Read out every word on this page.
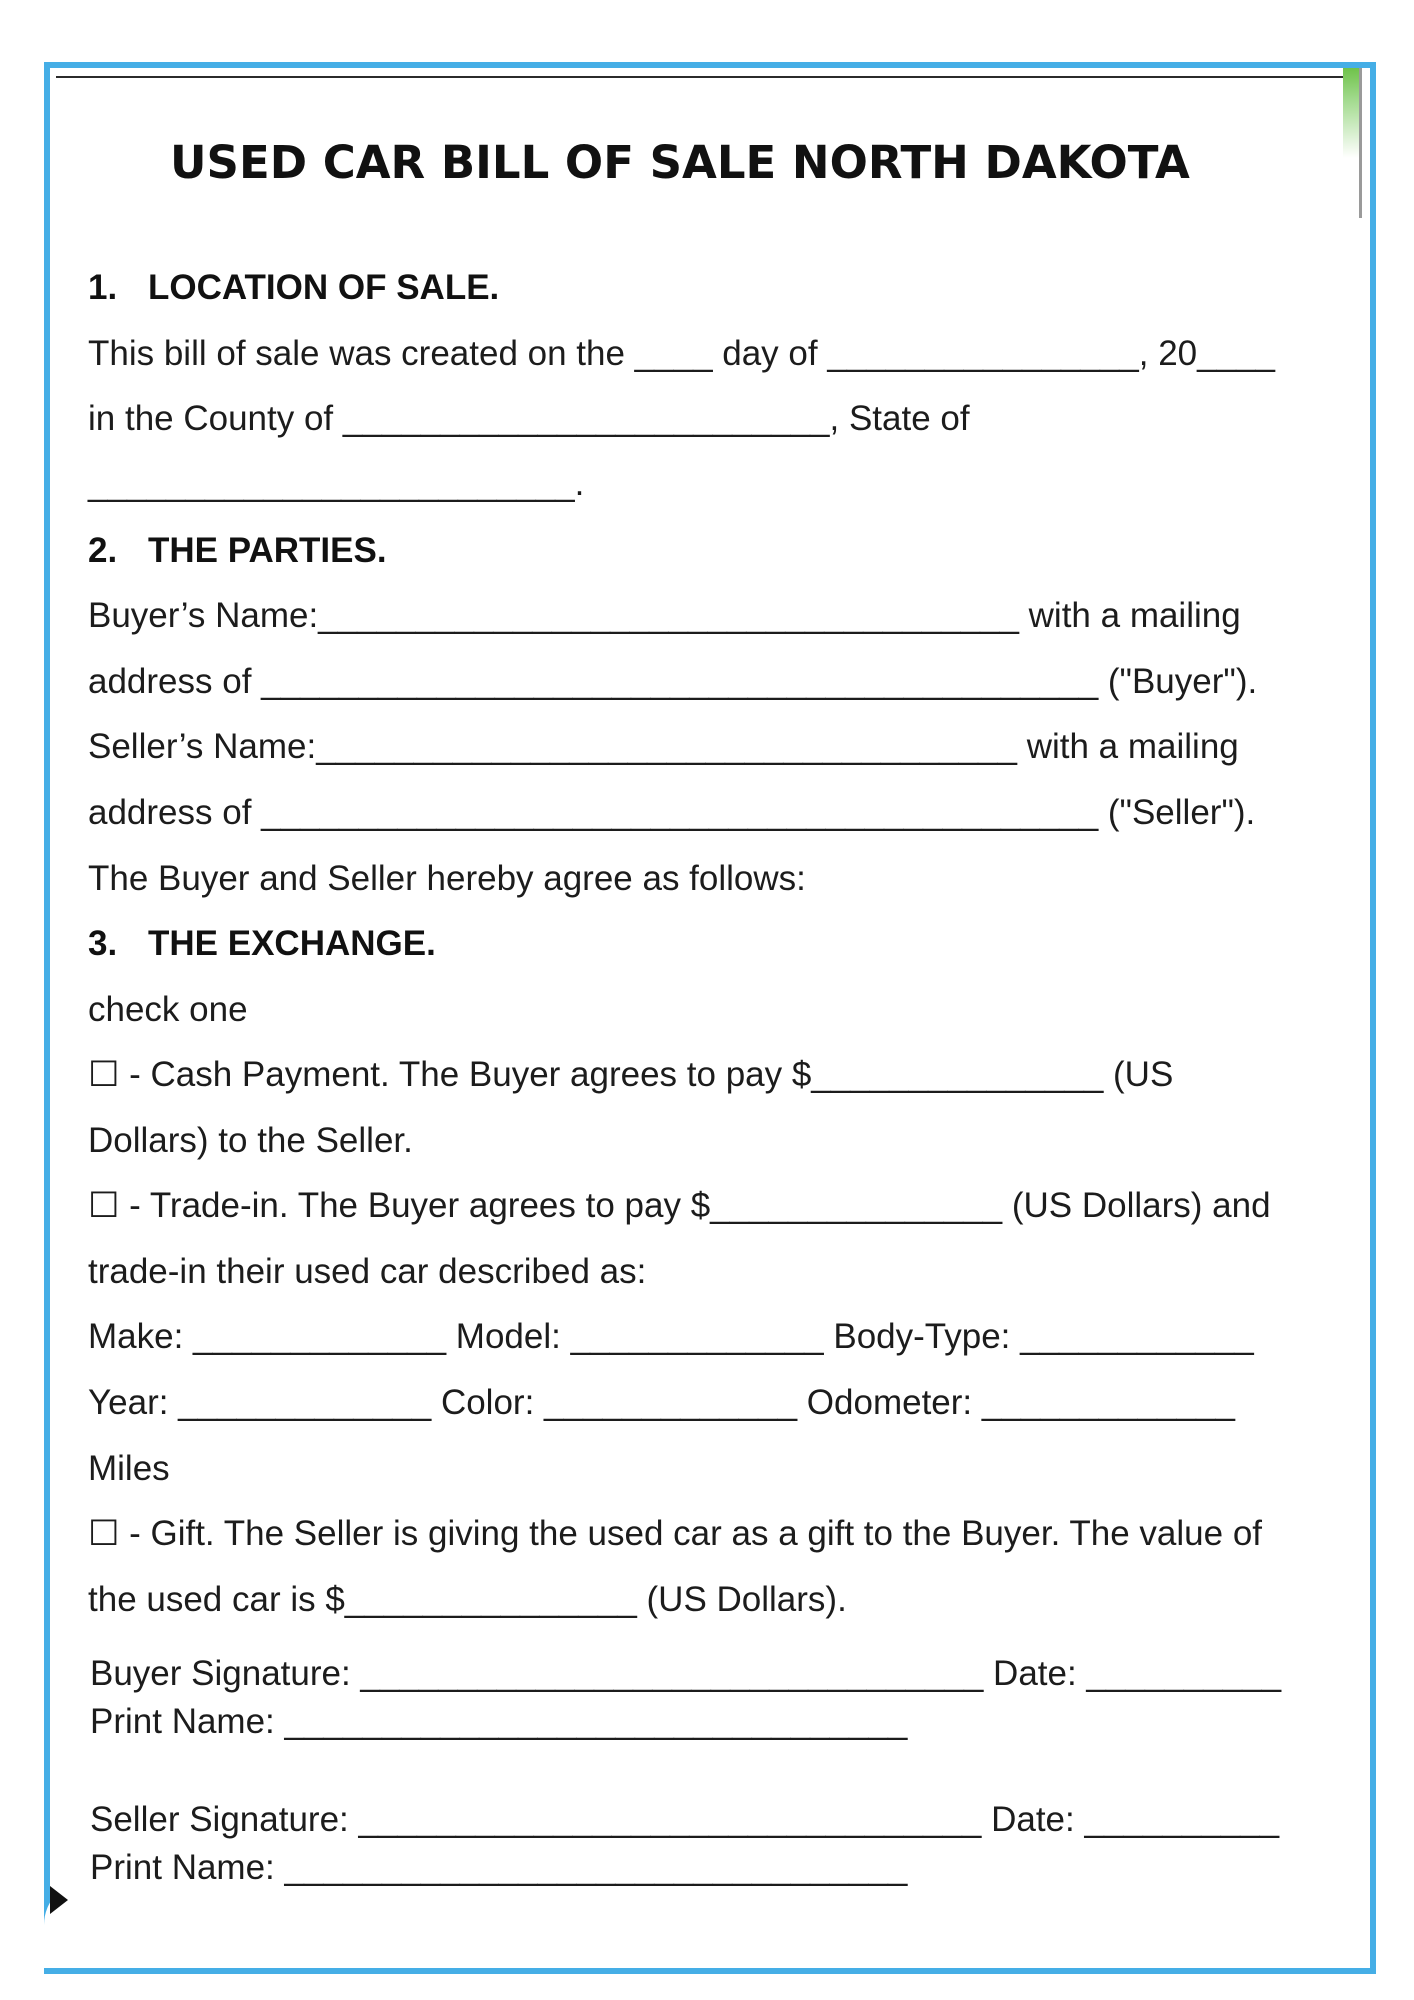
USED CAR BILL OF SALE NORTH DAKOTA
1. LOCATION OF SALE.
This bill of sale was created on the ____ day of ________________, 20____
in the County of _________________________, State of
_________________________.
2. THE PARTIES.
Buyer’s Name:____________________________________ with a mailing
address of ___________________________________________ ("Buyer").
Seller’s Name:____________________________________ with a mailing
address of ___________________________________________ ("Seller").
The Buyer and Seller hereby agree as follows:
3. THE EXCHANGE.
check one
☐ - Cash Payment. The Buyer agrees to pay $_______________ (US
Dollars) to the Seller.
☐ - Trade-in. The Buyer agrees to pay $_______________ (US Dollars) and
trade-in their used car described as:
Make: _____________ Model: _____________ Body-Type: ____________
Year: _____________ Color: _____________ Odometer: _____________
Miles
☐ - Gift. The Seller is giving the used car as a gift to the Buyer. The value of
the used car is $_______________ (US Dollars).
Buyer Signature: ________________________________ Date: __________
Print Name: ________________________________
Seller Signature: ________________________________ Date: __________
Print Name: ________________________________
